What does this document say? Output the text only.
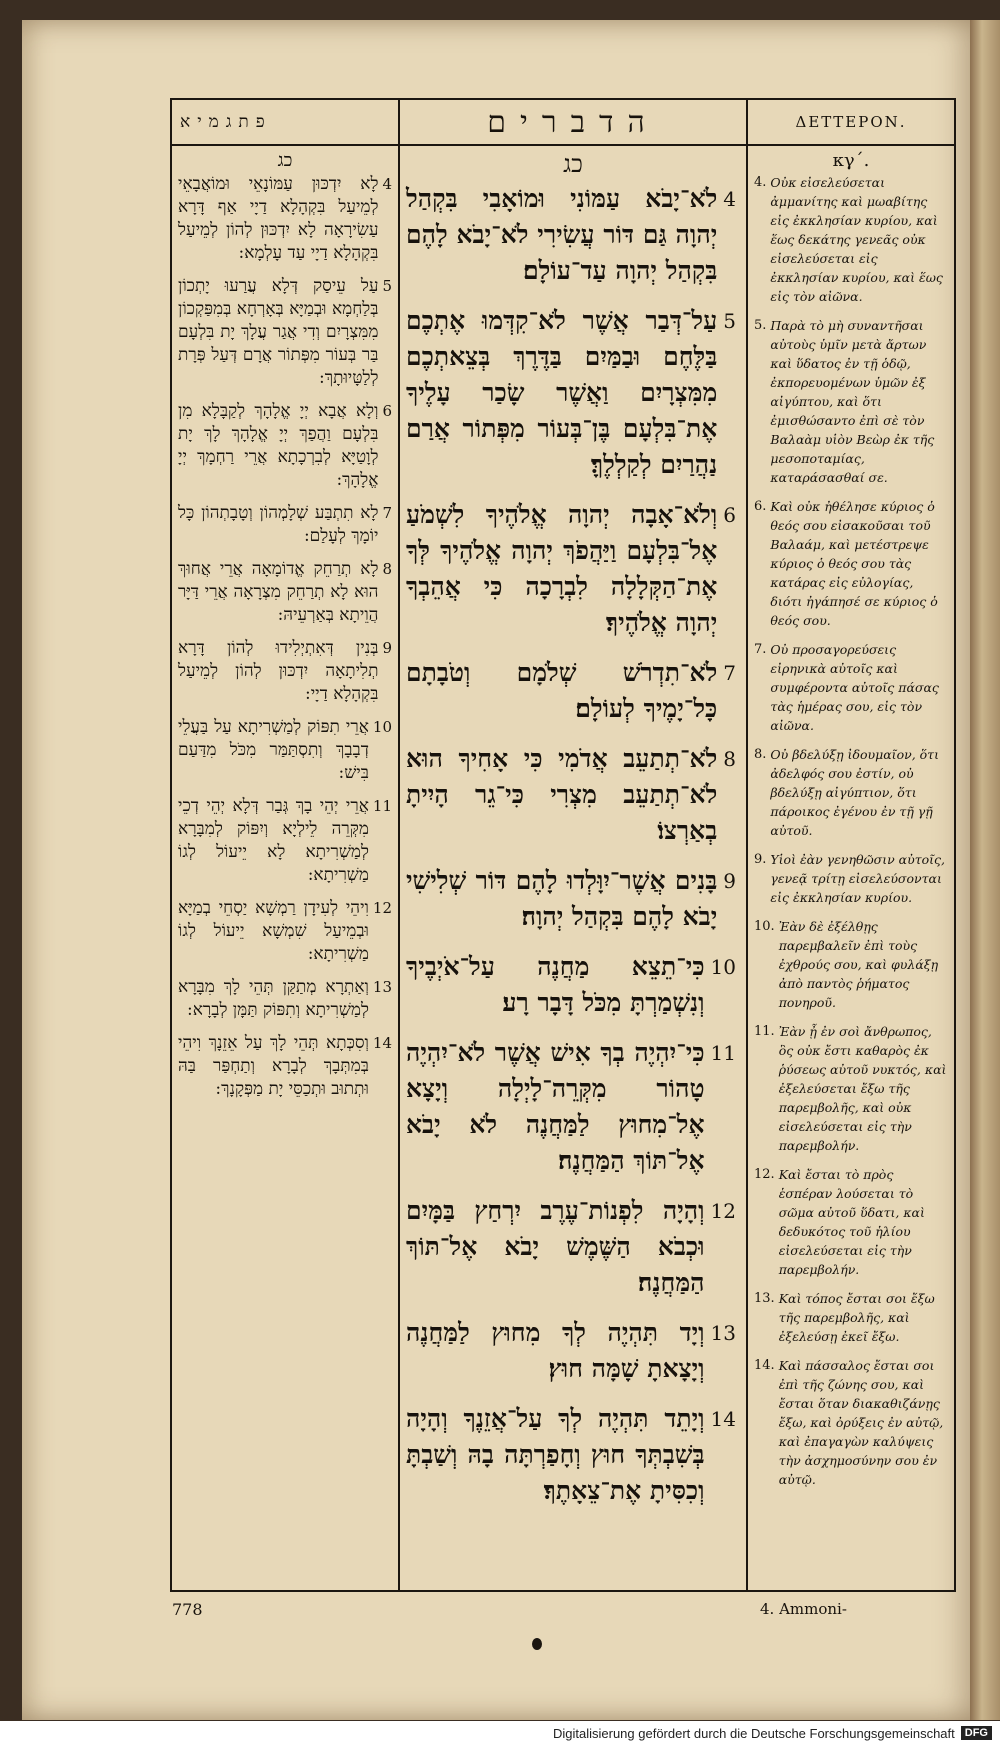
פתגמיא
כג
4
לָא יִדְכּוּן עַמּוֹנָאֵי וּמוֹאֲבָאֵי לְמֵיעַל בִּקְהָלָא דַיָי אַף דָּרָא עַשִׂירָאָה לָא יִדְכּוּן לְהוֹן לְמֵיעַל בִּקְהָלָא דַיָי עַד עָלְמָא:
5
עַל עֵיסַק דְּלָא עֲרַעוּ יָתְכוֹן בְּלַחְמָא וּבְמַיָּא בְּאָרְחָא בְּמִפַּקְכוֹן מִמִּצְרָיִם וְדִי אֲגַר עֲלָךְ יָת בִּלְעָם בַּר בְּעוֹר מִפְּתוֹר אֲרָם דְּעַל פְּרָת לְלַטָּיוּתָךְ:
6
וְלָא אֲבָא יְיָ אֱלָהָךְ לְקַבָּלָא מִן בִּלְעָם וַהֲפַךְ יְיָ אֱלָהָךְ לָךְ יָת לְוָטַיָּא לְבִרְכָתָא אֲרֵי רַחְמָךְ יְיָ אֱלָהָךְ:
7
לָא תִתְבַּע שְׁלָמְהוֹן וְטָבָתְהוֹן כָּל יוֹמָךְ לְעָלַם:
8
לָא תְרַחֵק אֱדוֹמָאָה אֲרֵי אֲחוּךְ הוּא לָא תְרַחֵק מִצְרָאָה אֲרֵי דַּיָּר הֲוֵיתָא בְּאַרְעֵיהּ:
9
בְּנִין דְּאִתְיְלִידוּ לְהוֹן דָּרָא תְלִיתָאָה יִדְכּוּן לְהוֹן לְמֵיעַל בִּקְהָלָא דַיָי:
10
אֲרֵי תִפּוֹק לְמַשְׁרִיתָא עַל בַּעֲלֵי דְבָבָךְ וְתִסְתַּמַּר מִכֹּל מִדַּעַם בִּישׁ:
11
אֲרֵי יְהֵי בָךְ גְּבַר דְּלָא יְהֵי דְכֵי מִקְּרֵה לֵילְיָא וְיִפּוֹק לְמִבָּרָא לְמַשְׁרִיתָא לָא יֵיעוֹל לְגוֹ מַשְׁרִיתָא:
12
וִיהֵי לְעִידָן רַמְשָׁא יַסְחֵי בְמַיָּא וּבְמֵיעַל שִׁמְשָׁא יֵיעוֹל לְגוֹ מַשְׁרִיתָא:
13
וְאַתְרָא מְתַקַּן תְּהֵי לָךְ מִבָּרָא לְמַשְׁרִיתָא וְתִפּוֹק תַּמָּן לְבָרָא:
14
וְסִכְּתָא תְּהֵי לָךְ עַל אֵזֵנָךְ וִיהֵי בְּמִתְּבָךְ לְבָרָא וְתַחְפַּר בַּהּ וּתְתוּב וּתְכַסֵּי יָת מַפְּקָנָךְ:
הדברים
כג
4
לֹא־יָבֹא עַמּוֹנִי וּמוֹאָבִי בִּקְהַל יְהוָה גַּם דּוֹר עֲשִׂירִי לֹא־יָבֹא לָהֶם בִּקְהַל יְהוָה עַד־עוֹלָם׃
5
עַל־דְּבַר אֲשֶׁר לֹא־קִדְּמוּ אֶתְכֶם בַּלֶּחֶם וּבַמַּיִם בַּדֶּרֶךְ בְּצֵאתְכֶם מִמִּצְרָיִם וַאֲשֶׁר שָׂכַר עָלֶיךָ אֶת־בִּלְעָם בֶּן־בְּעוֹר מִפְּתוֹר אֲרַם נַהֲרַיִם לְקַלְלֶךָּ׃
6
וְלֹא־אָבָה יְהוָה אֱלֹהֶיךָ לִשְׁמֹעַ אֶל־בִּלְעָם וַיַּהֲפֹךְ יְהוָה אֱלֹהֶיךָ לְּךָ אֶת־הַקְּלָלָה לִבְרָכָה כִּי אֲהֵבְךָ יְהוָה אֱלֹהֶיךָ׃
7
לֹא־תִדְרֹשׁ שְׁלֹמָם וְטֹבָתָם כָּל־יָמֶיךָ לְעוֹלָם׃
8
לֹא־תְתַעֵב אֲדֹמִי כִּי אָחִיךָ הוּא לֹא־תְתַעֵב מִצְרִי כִּי־גֵר הָיִיתָ בְאַרְצוֹ׃
9
בָּנִים אֲשֶׁר־יִוָּלְדוּ לָהֶם דּוֹר שְׁלִישִׁי יָבֹא לָהֶם בִּקְהַל יְהוָה׃
10
כִּי־תֵצֵא מַחֲנֶה עַל־אֹיְבֶיךָ וְנִשְׁמַרְתָּ מִכֹּל דָּבָר רָע׃
11
כִּי־יִהְיֶה בְךָ אִישׁ אֲשֶׁר לֹא־יִהְיֶה טָהוֹר מִקְּרֵה־לָיְלָה וְיָצָא אֶל־מִחוּץ לַמַּחֲנֶה לֹא יָבֹא אֶל־תּוֹךְ הַמַּחֲנֶה׃
12
וְהָיָה לִפְנוֹת־עֶרֶב יִרְחַץ בַּמָּיִם וּכְבֹא הַשֶּׁמֶשׁ יָבֹא אֶל־תּוֹךְ הַמַּחֲנֶה׃
13
וְיָד תִּהְיֶה לְךָ מִחוּץ לַמַּחֲנֶה וְיָצָאתָ שָׁמָּה חוּץ׃
14
וְיָתֵד תִּהְיֶה לְךָ עַל־אֲזֵנֶךָ וְהָיָה בְּשִׁבְתְּךָ חוּץ וְחָפַרְתָּה בָהּ וְשַׁבְתָּ וְכִסִּיתָ אֶת־צֵאָתֶךָ׃
ΔΕΤΤΕΡΟΝ.
κγ΄.
4. Οὐκ εἰσελεύσεται ἀμμανίτης καὶ μωαβίτης εἰς ἐκκλησίαν κυρίου, καὶ ἕως δεκάτης γενεᾶς οὐκ εἰσελεύσεται εἰς ἐκκλησίαν κυρίου, καὶ ἕως εἰς τὸν αἰῶνα.
5. Παρὰ τὸ μὴ συναντῆσαι αὐτοὺς ὑμῖν μετὰ ἄρτων καὶ ὕδατος ἐν τῇ ὁδῷ, ἐκπορευομένων ὑμῶν ἐξ αἰγύπτου, καὶ ὅτι ἐμισθώσαντο ἐπὶ σὲ τὸν Βαλαὰμ υἱὸν Βεὼρ ἐκ τῆς μεσοποταμίας, καταράσασθαί σε.
6. Καὶ οὐκ ἠθέλησε κύριος ὁ θεός σου εἰσακοῦσαι τοῦ Βαλαάμ, καὶ μετέστρεψε κύριος ὁ θεός σου τὰς κατάρας εἰς εὐλογίας, διότι ἠγάπησέ σε κύριος ὁ θεός σου.
7. Οὐ προσαγορεύσεις εἰρηνικὰ αὐτοῖς καὶ συμφέροντα αὐτοῖς πάσας τὰς ἡμέρας σου, εἰς τὸν αἰῶνα.
8. Οὐ βδελύξῃ ἰδουμαῖον, ὅτι ἀδελφός σου ἐστίν, οὐ βδελύξῃ αἰγύπτιον, ὅτι πάροικος ἐγένου ἐν τῇ γῇ αὐτοῦ.
9. Υἱοὶ ἐὰν γενηθῶσιν αὐτοῖς, γενεᾷ τρίτῃ εἰσελεύσονται εἰς ἐκκλησίαν κυρίου.
10. Ἐὰν δὲ ἐξέλθῃς παρεμβαλεῖν ἐπὶ τοὺς ἐχθρούς σου, καὶ φυλάξῃ ἀπὸ παντὸς ῥήματος πονηροῦ.
11. Ἐὰν ᾖ ἐν σοὶ ἄνθρωπος, ὃς οὐκ ἔστι καθαρὸς ἐκ ῥύσεως αὐτοῦ νυκτός, καὶ ἐξελεύσεται ἔξω τῆς παρεμβολῆς, καὶ οὐκ εἰσελεύσεται εἰς τὴν παρεμβολήν.
12. Καὶ ἔσται τὸ πρὸς ἑσπέραν λούσεται τὸ σῶμα αὐτοῦ ὕδατι, καὶ δεδυκότος τοῦ ἡλίου εἰσελεύσεται εἰς τὴν παρεμβολήν.
13. Καὶ τόπος ἔσται σοι ἔξω τῆς παρεμβολῆς, καὶ ἐξελεύσῃ ἐκεῖ ἔξω.
14. Καὶ πάσσαλος ἔσται σοι ἐπὶ τῆς ζώνης σου, καὶ ἔσται ὅταν διακαθιζάνῃς ἔξω, καὶ ὀρύξεις ἐν αὐτῷ, καὶ ἐπαγαγὼν καλύψεις τὴν ἀσχημοσύνην σου ἐν αὐτῷ.
778	4. Ammoni-
Digitalisierung gefördert durch die Deutsche Forschungsgemeinschaft DFG
